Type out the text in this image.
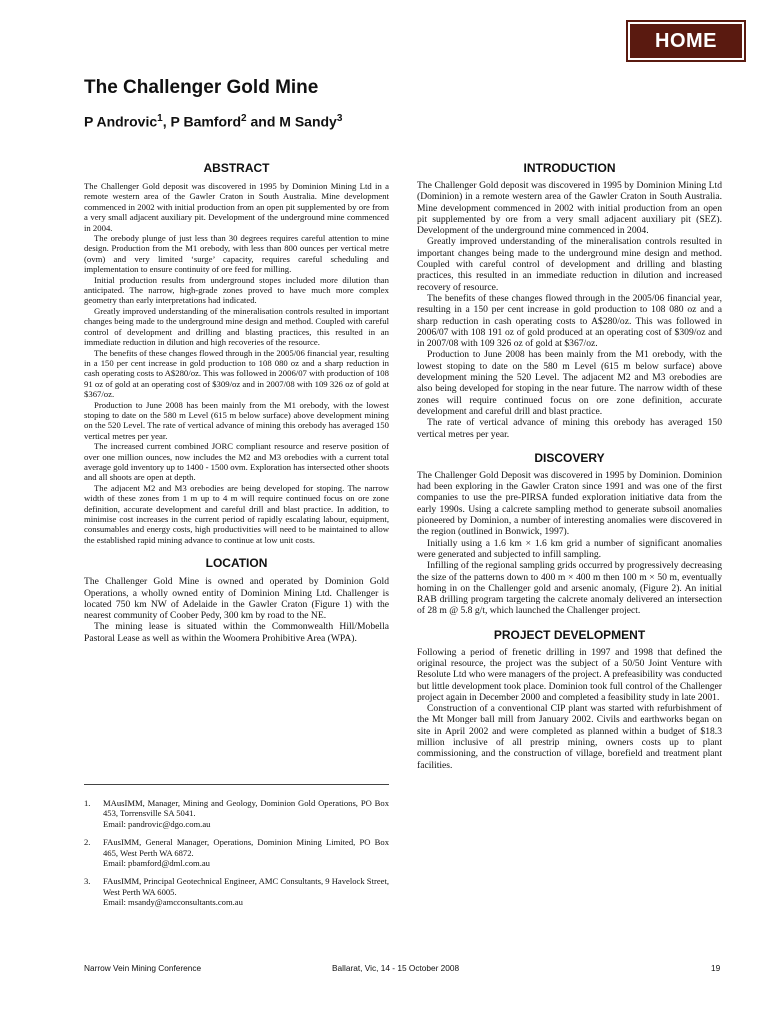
HOME
The Challenger Gold Mine
P Androvic$^1$, P Bamford$^2$ and M Sandy$^3$
ABSTRACT

The Challenger Gold deposit was discovered in 1995 by Dominion Mining Ltd in a remote western area of the Gawler Craton in South Australia. Mine development commenced in 2002 with initial production from an open pit supplemented by ore from a very small adjacent auxiliary pit. Development of the underground mine commenced in 2004.

The orebody plunge of just less than 30 degrees requires careful attention to mine design. Production from the M1 orebody, with less than 800 ounces per vertical metre (ovm) and very limited ‘surge’ capacity, requires careful scheduling and implementation to ensure continuity of ore feed for milling.

Initial production results from underground stopes included more dilution than anticipated. The narrow, high-grade zones proved to have much more complex geometry than early interpretations had indicated.

Greatly improved understanding of the mineralisation controls resulted in important changes being made to the underground mine design and method. Coupled with careful control of development and drilling and blasting practices, this resulted in an immediate reduction in dilution and high recoveries of the resource.

The benefits of these changes flowed through in the 2005/06 financial year, resulting in a 150 per cent increase in gold production to 108 080 oz and a sharp reduction in cash operating costs to A$280/oz. This was followed in 2006/07 with production of 108 91 oz of gold at an operating cost of $309/oz and in 2007/08 with 109 326 oz of gold at $367/oz.

Production to June 2008 has been mainly from the M1 orebody, with the lowest stoping to date on the 580 m Level (615 m below surface) above development mining on the 520 Level. The rate of vertical advance of mining this orebody has averaged 150 vertical metres per year.

The increased current combined JORC compliant resource and reserve position of over one million ounces, now includes the M2 and M3 orebodies with a current total average gold inventory up to 1400 - 1500 ovm. Exploration has intersected other shoots and all shoots are open at depth.

The adjacent M2 and M3 orebodies are being developed for stoping. The narrow width of these zones from 1 m up to 4 m will require continued focus on ore zone definition, accurate development and careful drill and blast practice. In addition, to minimise cost increases in the current period of rapidly escalating labour, equipment, consumables and energy costs, high productivities will need to be maintained to allow the established rapid mining advance to continue at low unit costs.

LOCATION

The Challenger Gold Mine is owned and operated by Dominion Gold Operations, a wholly owned entity of Dominion Mining Ltd. Challenger is located 750 km NW of Adelaide in the Gawler Craton (Figure 1) with the nearest community of Coober Pedy, 300 km by road to the NE.

The mining lease is situated within the Commonwealth Hill/Mobella Pastoral Lease as well as within the Woomera Prohibitive Area (WPA).

1. MAusIMM, Manager, Mining and Geology, Dominion Gold Operations, PO Box 453, Torrensville SA 5041.
Email: pandrovic@dgo.com.au
2. FAusIMM, General Manager, Operations, Dominion Mining Limited, PO Box 465, West Perth WA 6872.
Email: pbamford@dml.com.au
3. FAusIMM, Principal Geotechnical Engineer, AMC Consultants, 9 Havelock Street, West Perth WA 6005.
Email: msandy@amcconsultants.com.au
INTRODUCTION

The Challenger Gold deposit was discovered in 1995 by Dominion Mining Ltd (Dominion) in a remote western area of the Gawler Craton in South Australia. Mine development commenced in 2002 with initial production from an open pit supplemented by ore from a very small adjacent auxiliary pit (SEZ). Development of the underground mine commenced in 2004.

Greatly improved understanding of the mineralisation controls resulted in important changes being made to the underground mine design and method. Coupled with careful control of development and drilling and blasting practices, this resulted in an immediate reduction in dilution and increased recovery of resource.

The benefits of these changes flowed through in the 2005/06 financial year, resulting in a 150 per cent increase in gold production to 108 080 oz and a sharp reduction in cash operating costs to A$280/oz. This was followed in 2006/07 with 108 191 oz of gold produced at an operating cost of $309/oz and in 2007/08 with 109 326 oz of gold at $367/oz.

Production to June 2008 has been mainly from the M1 orebody, with the lowest stoping to date on the 580 m Level (615 m below surface) above development mining the 520 Level. The adjacent M2 and M3 orebodies are also being developed for stoping in the near future. The narrow width of these zones will require continued focus on ore zone definition, accurate development and careful drill and blast practice.

The rate of vertical advance of mining this orebody has averaged 150 vertical metres per year.

DISCOVERY

The Challenger Gold Deposit was discovered in 1995 by Dominion. Dominion had been exploring in the Gawler Craton since 1991 and was one of the first companies to use the pre-PIRSA funded exploration initiative data from the early 1990s. Using a calcrete sampling method to generate subsoil anomalies pioneered by Dominion, a number of interesting anomalies were discovered in the region (outlined in Bonwick, 1997).

Initially using a 1.6 km × 1.6 km grid a number of significant anomalies were generated and subjected to infill sampling.

Infilling of the regional sampling grids occurred by progressively decreasing the size of the patterns down to 400 m × 400 m then 100 m × 50 m, eventually homing in on the Challenger gold and arsenic anomaly, (Figure 2). An initial RAB drilling program targeting the calcrete anomaly delivered an intersection of 28 m @ 5.8 g/t, which launched the Challenger project.

PROJECT DEVELOPMENT

Following a period of frenetic drilling in 1997 and 1998 that defined the original resource, the project was the subject of a 50/50 Joint Venture with Resolute Ltd who were managers of the project. A prefeasibility was conducted but little development took place. Dominion took full control of the Challenger project again in December 2000 and completed a feasibility study in late 2001.

Construction of a conventional CIP plant was started with refurbishment of the Mt Monger ball mill from January 2002. Civils and earthworks began on site in April 2002 and were completed as planned within a budget of $18.3 million inclusive of all prestrip mining, owners costs up to plant commissioning, and the construction of village, borefield and treatment plant facilities.

Narrow Vein Mining Conference	Ballarat, Vic, 14 - 15 October 2008	19
